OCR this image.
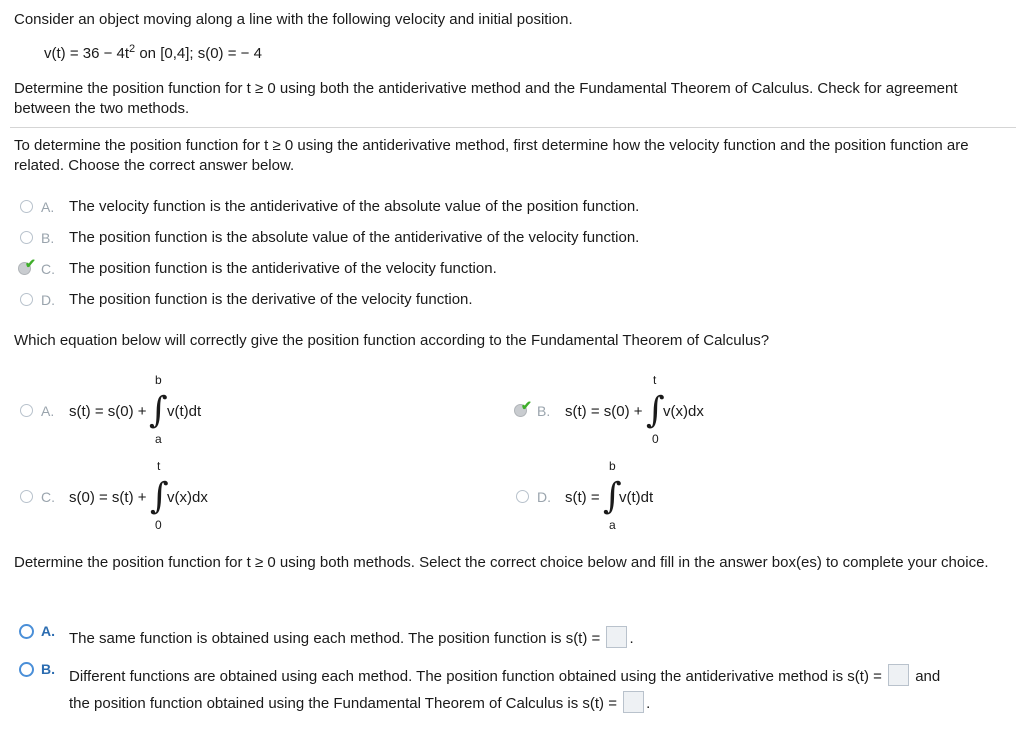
Consider an object moving along a line with the following velocity and initial position.
$v(t) = 36 - 4t^2$ on [0,4]; s(0) = − 4
Determine the position function for t ≥ 0 using both the antiderivative method and the Fundamental Theorem of Calculus. Check for agreement between the two methods.
To determine the position function for t ≥ 0 using the antiderivative method, first determine how the velocity function and the position function are related. Choose the correct answer below.
A. The velocity function is the antiderivative of the absolute value of the position function.
B. The position function is the absolute value of the antiderivative of the velocity function.
✔ C. The position function is the antiderivative of the velocity function.
D. The position function is the derivative of the velocity function.
Which equation below will correctly give the position function according to the Fundamental Theorem of Calculus?
A. s(t) = s(0) +
b
∫
a
v(t)dt	✔ B. s(t) = s(0) +
t
∫
0
v(x)dx
C. s(0) = s(t) +
t
∫
0
v(x)dx	D. s(t) =
b
∫
a
v(t)dt
Determine the position function for t ≥ 0 using both methods. Select the correct choice below and fill in the answer box(es) to complete your choice.
A. The same function is obtained using each method. The position function is s(t) = .
B. Different functions are obtained using each method. The position function obtained using the antiderivative method is s(t) = and
the position function obtained using the Fundamental Theorem of Calculus is s(t) = .
